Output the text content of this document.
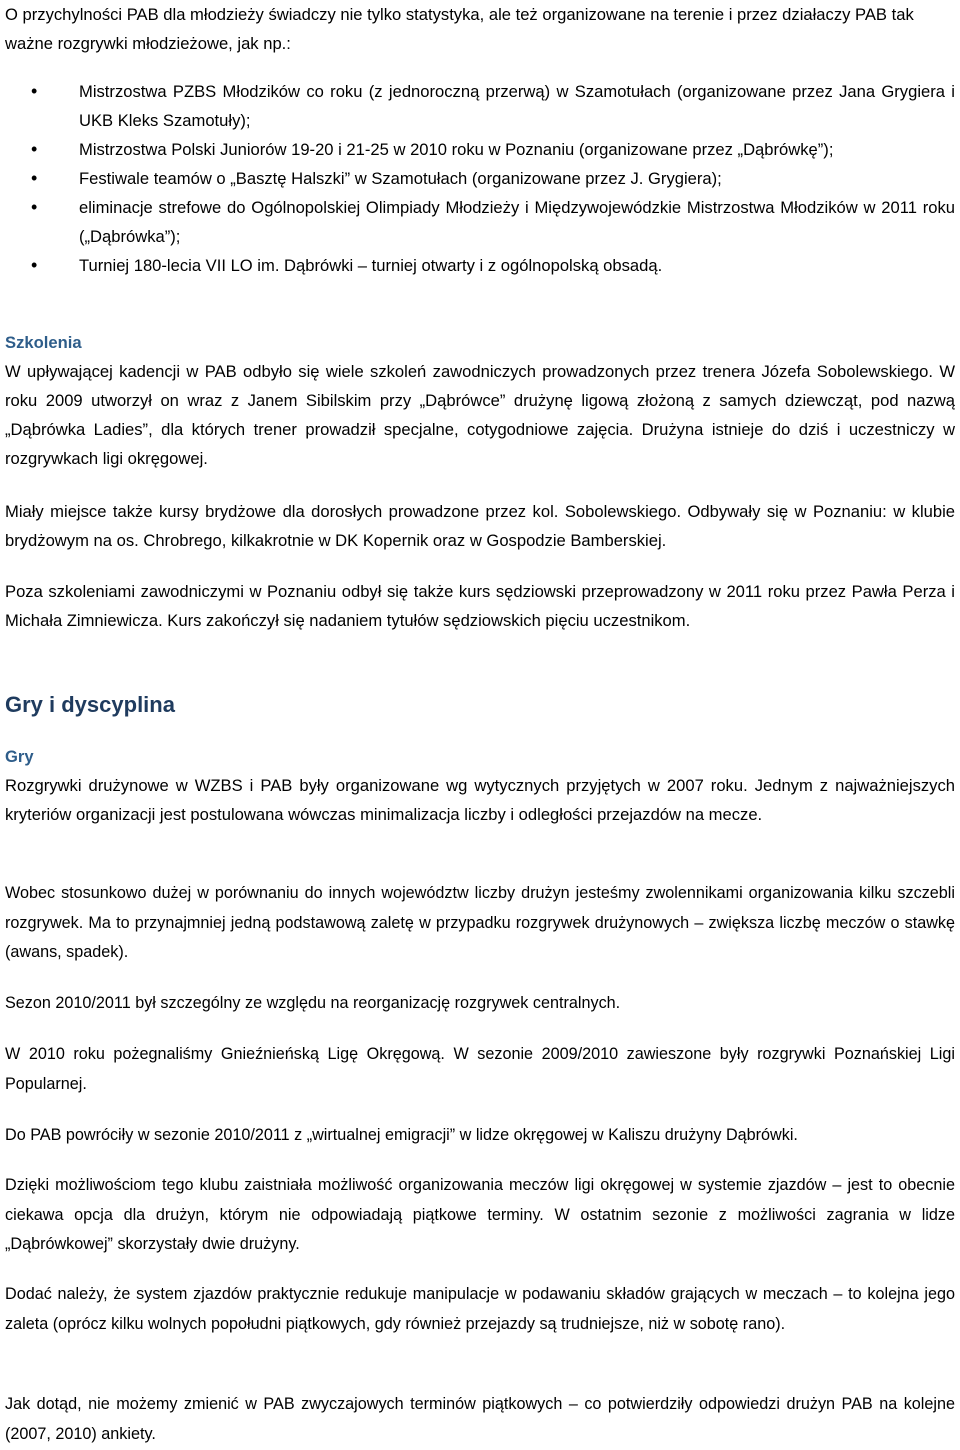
O przychylności PAB dla młodzieży świadczy nie tylko statystyka, ale też organizowane na terenie i przez działaczy PAB tak ważne rozgrywki młodzieżowe, jak np.:

• Mistrzostwa PZBS Młodzików co roku (z jednoroczną przerwą) w Szamotułach (organizowane przez Jana Grygiera i UKB Kleks Szamotuły);
• Mistrzostwa Polski Juniorów 19-20 i 21-25 w 2010 roku w Poznaniu (organizowane przez „Dąbrówkę”);
• Festiwale teamów o „Basztę Halszki” w Szamotułach (organizowane przez J. Grygiera);
• eliminacje strefowe do Ogólnopolskiej Olimpiady Młodzieży i Międzywojewódzkie Mistrzostwa Młodzików w 2011 roku („Dąbrówka”);
• Turniej 180-lecia VII LO im. Dąbrówki – turniej otwarty i z ogólnopolską obsadą.

Szkolenia

W upływającej kadencji w PAB odbyło się wiele szkoleń zawodniczych prowadzonych przez trenera Józefa Sobolewskiego. W roku 2009 utworzył on wraz z Janem Sibilskim przy „Dąbrówce” drużynę ligową złożoną z samych dziewcząt, pod nazwą „Dąbrówka Ladies”, dla których trener prowadził specjalne, cotygodniowe zajęcia. Drużyna istnieje do dziś i uczestniczy w rozgrywkach ligi okręgowej.

Miały miejsce także kursy brydżowe dla dorosłych prowadzone przez kol. Sobolewskiego. Odbywały się w Poznaniu: w klubie brydżowym na os. Chrobrego, kilkakrotnie w DK Kopernik oraz w Gospodzie Bamberskiej.

Poza szkoleniami zawodniczymi w Poznaniu odbył się także kurs sędziowski przeprowadzony w 2011 roku przez Pawła Perza i Michała Zimniewicza. Kurs zakończył się nadaniem tytułów sędziowskich pięciu uczestnikom.

Gry i dyscyplina

Gry

Rozgrywki drużynowe w WZBS i PAB były organizowane wg wytycznych przyjętych w 2007 roku. Jednym z najważniejszych kryteriów organizacji jest postulowana wówczas minimalizacja liczby i odległości przejazdów na mecze.

Wobec stosunkowo dużej w porównaniu do innych województw liczby drużyn jesteśmy zwolennikami organizowania kilku szczebli rozgrywek. Ma to przynajmniej jedną podstawową zaletę w przypadku rozgrywek drużynowych – zwiększa liczbę meczów o stawkę (awans, spadek).

Sezon 2010/2011 był szczególny ze względu na reorganizację rozgrywek centralnych.

W 2010 roku pożegnaliśmy Gnieźnieńską Ligę Okręgową. W sezonie 2009/2010 zawieszone były rozgrywki Poznańskiej Ligi Popularnej.

Do PAB powróciły w sezonie 2010/2011 z „wirtualnej emigracji” w lidze okręgowej w Kaliszu drużyny Dąbrówki.

Dzięki możliwościom tego klubu zaistniała możliwość organizowania meczów ligi okręgowej w systemie zjazdów – jest to obecnie ciekawa opcja dla drużyn, którym nie odpowiadają piątkowe terminy. W ostatnim sezonie z możliwości zagrania w lidze „Dąbrówkowej” skorzystały dwie drużyny.

Dodać należy, że system zjazdów praktycznie redukuje manipulacje w podawaniu składów grających w meczach – to kolejna jego zaleta (oprócz kilku wolnych popołudni piątkowych, gdy również przejazdy są trudniejsze, niż w sobotę rano).

Jak dotąd, nie możemy zmienić w PAB zwyczajowych terminów piątkowych – co potwierdziły odpowiedzi drużyn PAB na kolejne (2007, 2010) ankiety.
